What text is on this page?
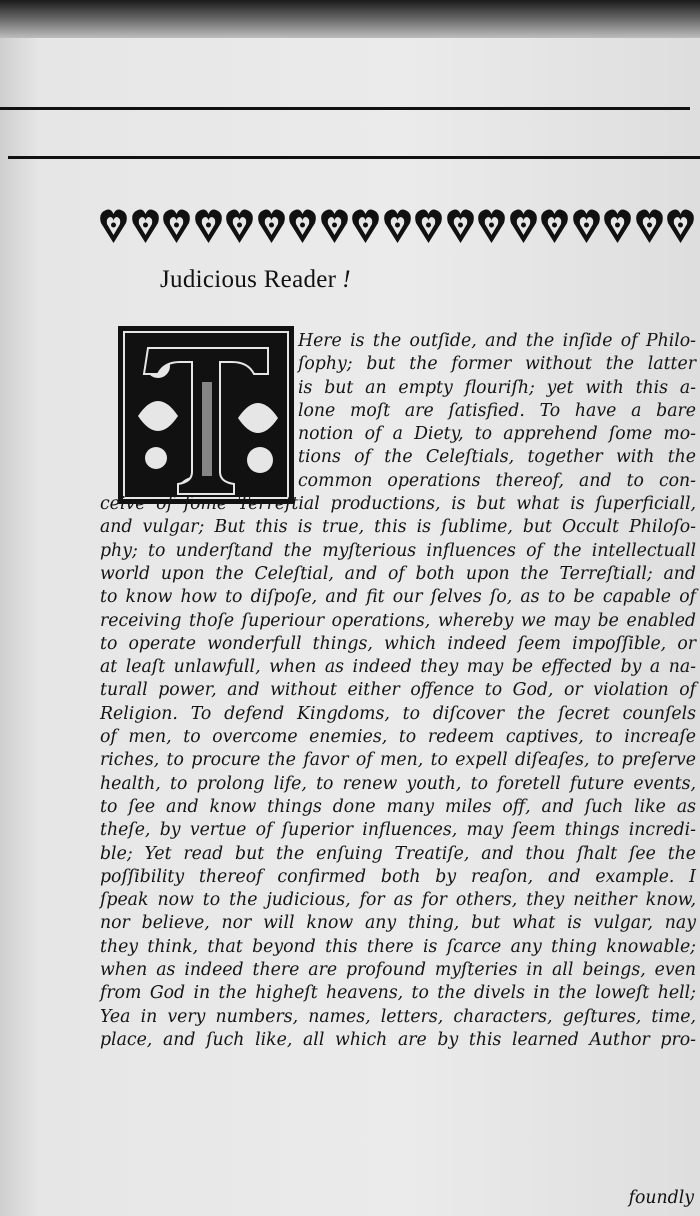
Judicious Reader !
Here is the outſide, and the inſide of Philo-
ſophy; but the former without the latter
is but an empty flouriſh; yet with this a-
lone moſt are ſatisfied. To have a bare
notion of a Diety, to apprehend ſome mo-
tions of the Celeſtials, together with the
common operations thereof, and to con-
ceive of ſome Terreſtial productions, is but what is ſuperficiall,
and vulgar; But this is true, this is ſublime, but Occult Philoſo-
phy; to underſtand the myſterious influences of the intellectuall
world upon the Celeſtial, and of both upon the Terreſtiall; and
to know how to diſpoſe, and fit our ſelves ſo, as to be capable of
receiving thoſe ſuperiour operations, whereby we may be enabled
to operate wonderfull things, which indeed ſeem impoſſible, or
at leaſt unlawfull, when as indeed they may be effected by a na-
turall power, and without either offence to God, or violation of
Religion. To defend Kingdoms, to diſcover the ſecret counſels
of men, to overcome enemies, to redeem captives, to increaſe
riches, to procure the favor of men, to expell diſeaſes, to preſerve
health, to prolong life, to renew youth, to foretell future events,
to ſee and know things done many miles off, and ſuch like as
theſe, by vertue of ſuperior influences, may ſeem things incredi-
ble; Yet read but the enſuing Treatiſe, and thou ſhalt ſee the
poſſibility thereof confirmed both by reaſon, and example. I
ſpeak now to the judicious, for as for others, they neither know,
nor believe, nor will know any thing, but what is vulgar, nay
they think, that beyond this there is ſcarce any thing knowable;
when as indeed there are profound myſteries in all beings, even
from God in the higheſt heavens, to the divels in the loweſt hell;
Yea in very numbers, names, letters, characters, geſtures, time,
place, and ſuch like, all which are by this learned Author pro-
foundly
